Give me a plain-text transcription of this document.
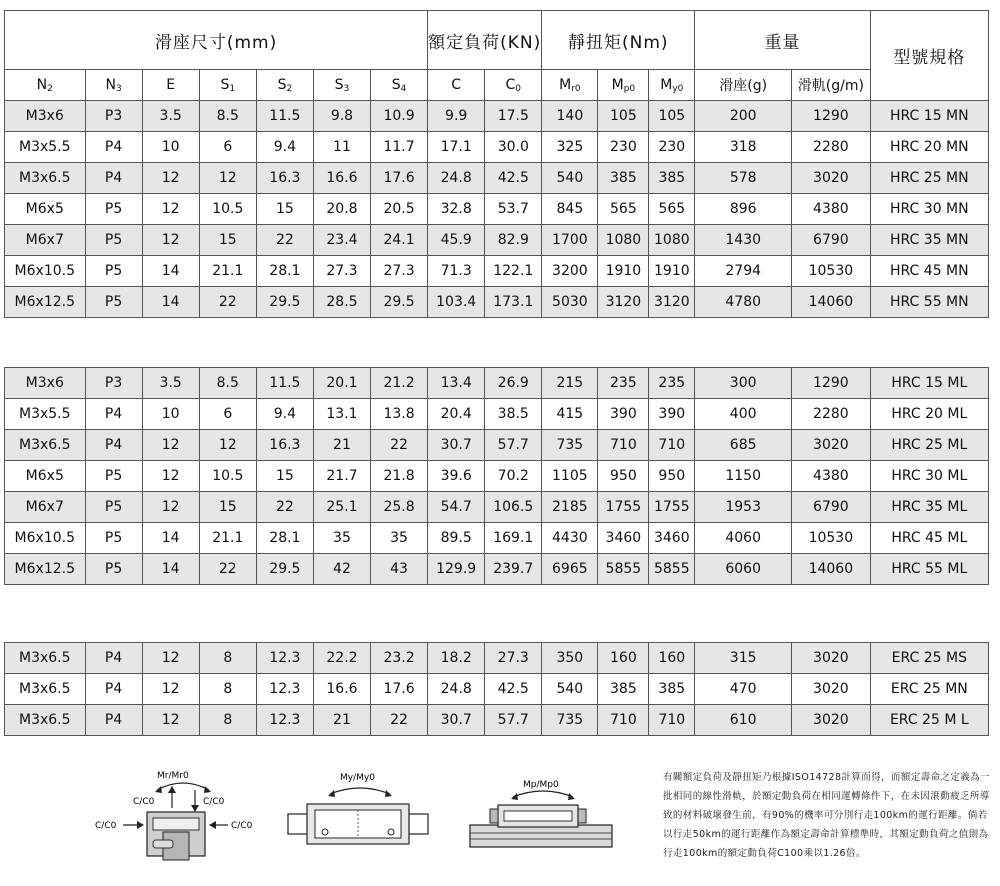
滑座尺寸(mm)							額定負荷(KN)		靜扭矩(Nm)			重量		型號規格
$N_2$	$N_3$	E	$S_1$	$S_2$	$S_3$	$S_4$	C	$C_0$	$M_{r0}$	$M_{p0}$	$M_{y0}$	滑座(g)	滑軌(g/m)	
M3x6	P3	3.5	8.5	11.5	9.8	10.9	9.9	17.5	140	105	105	200	1290	HRC 15 MN
M3x5.5	P4	10	6	9.4	11	11.7	17.1	30.0	325	230	230	318	2280	HRC 20 MN
M3x6.5	P4	12	12	16.3	16.6	17.6	24.8	42.5	540	385	385	578	3020	HRC 25 MN
M6x5	P5	12	10.5	15	20.8	20.5	32.8	53.7	845	565	565	896	4380	HRC 30 MN
M6x7	P5	12	15	22	23.4	24.1	45.9	82.9	1700	1080	1080	1430	6790	HRC 35 MN
M6x10.5	P5	14	21.1	28.1	27.3	27.3	71.3	122.1	3200	1910	1910	2794	10530	HRC 45 MN
M6x12.5	P5	14	22	29.5	28.5	29.5	103.4	173.1	5030	3120	3120	4780	14060	HRC 55 MN
M3x6	P3	3.5	8.5	11.5	20.1	21.2	13.4	26.9	215	235	235	300	1290	HRC 15 ML
M3x5.5	P4	10	6	9.4	13.1	13.8	20.4	38.5	415	390	390	400	2280	HRC 20 ML
M3x6.5	P4	12	12	16.3	21	22	30.7	57.7	735	710	710	685	3020	HRC 25 ML
M6x5	P5	12	10.5	15	21.7	21.8	39.6	70.2	1105	950	950	1150	4380	HRC 30 ML
M6x7	P5	12	15	22	25.1	25.8	54.7	106.5	2185	1755	1755	1953	6790	HRC 35 ML
M6x10.5	P5	14	21.1	28.1	35	35	89.5	169.1	4430	3460	3460	4060	10530	HRC 45 ML
M6x12.5	P5	14	22	29.5	42	43	129.9	239.7	6965	5855	5855	6060	14060	HRC 55 ML
M3x6.5	P4	12	8	12.3	22.2	23.2	18.2	27.3	350	160	160	315	3020	ERC 25 MS
M3x6.5	P4	12	8	12.3	16.6	17.6	24.8	42.5	540	385	385	470	3020	ERC 25 MN
M3x6.5	P4	12	8	12.3	21	22	30.7	57.7	735	710	710	610	3020	ERC 25 M L
Mr/Mr0
C/C0	C/C0
C/C0	C/C0
My/My0
Mp/Mp0
有關額定負荷及靜扭矩乃根據ISO14728計算而得，而額定壽命之定義為一批相同的線性滑軌，於額定動負荷在相同運轉條件下，在未因滾動疲乏所導致的材料破壞發生前，有90%的機率可分別行走100km的運行距離。倘若以行走50km的運行距離作為額定壽命計算標準時，其額定動負荷之值則為行走100km的額定動負荷C100乘以1.26倍。
